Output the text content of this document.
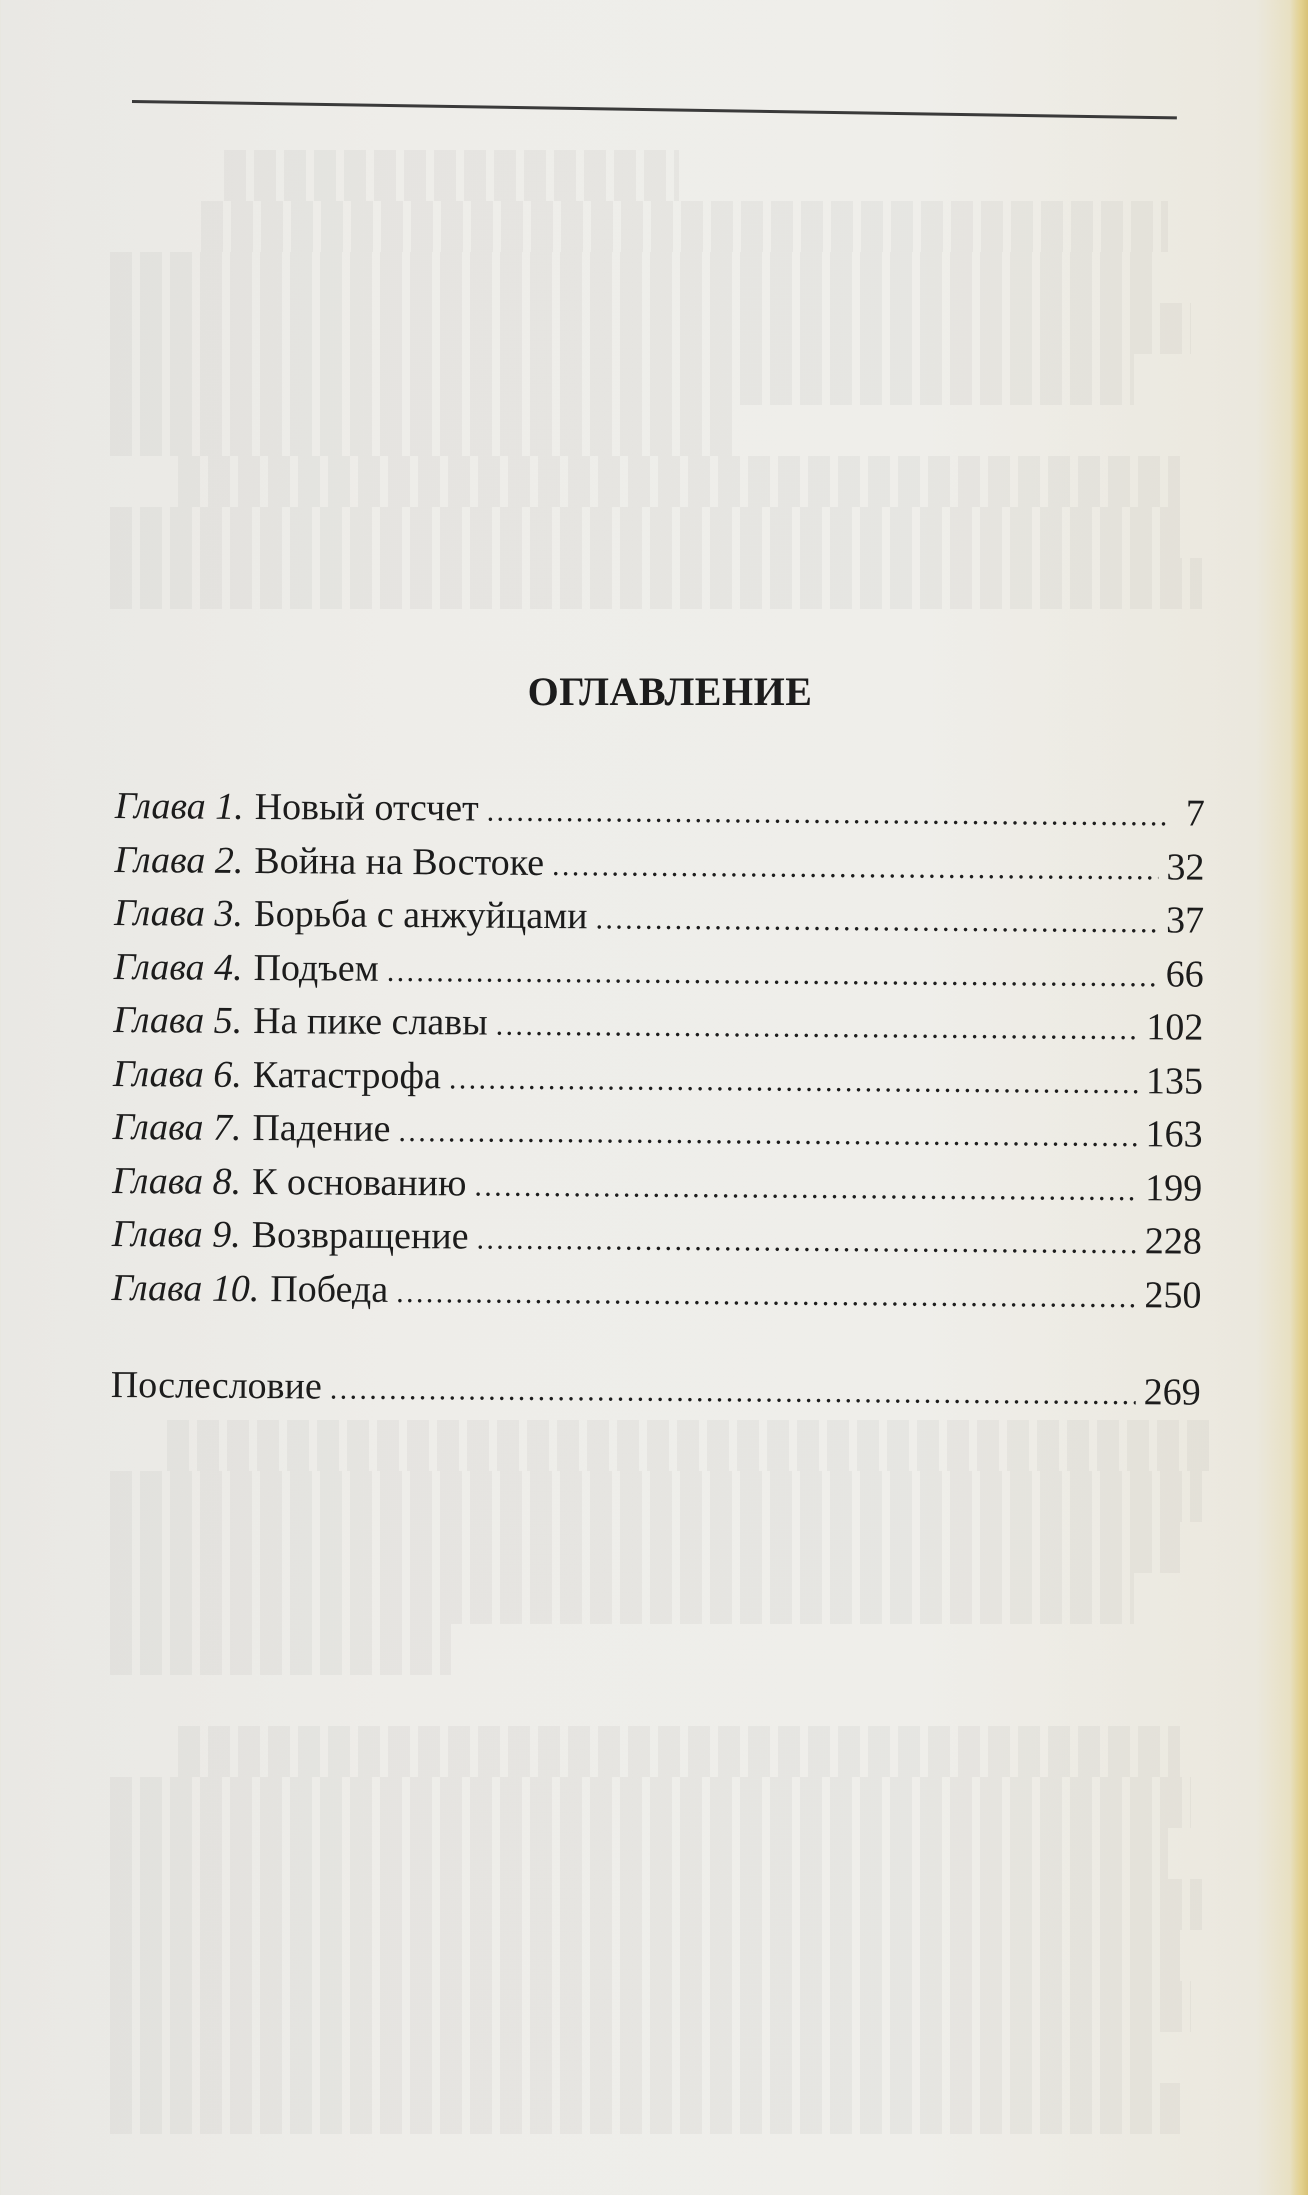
ОГЛАВЛЕНИЕ
Глава 1. Новый отсчет .....	7
Глава 2. Война на Востоке .....	32
Глава 3. Борьба с анжуйцами .....	37
Глава 4. Подъем .....	66
Глава 5. На пике славы .....	102
Глава 6. Катастрофа .....	135
Глава 7. Падение .....	163
Глава 8. К основанию .....	199
Глава 9. Возвращение .....	228
Глава 10. Победа .....	250
Послесловие .....	269
